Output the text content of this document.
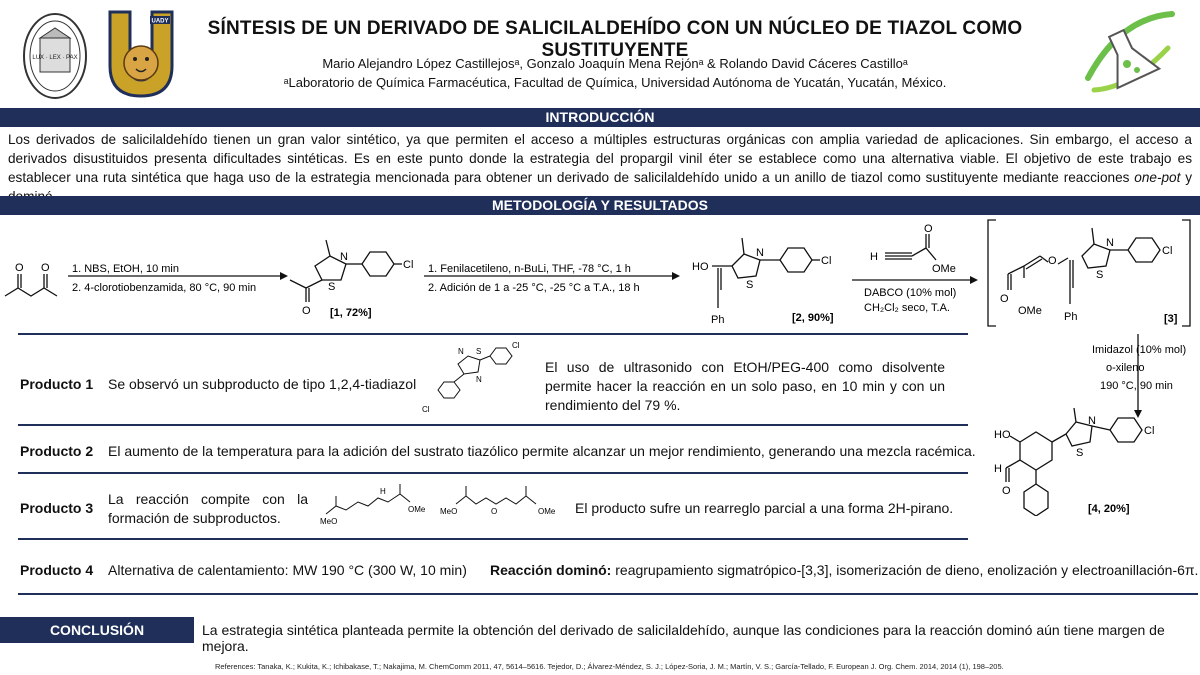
LUX · LEX · PAX
UADY	SÍNTESIS DE UN DERIVADO DE SALICILALDEHÍDO CON UN NÚCLEO DE TIAZOL COMO SUSTITUYENTE
Mario Alejandro López Castillejosᵃ, Gonzalo Joaquín Mena Rejónᵃ & Rolando David Cáceres Castilloᵃ
ᵃLaboratorio de Química Farmacéutica, Facultad de Química, Universidad Autónoma de Yucatán, Yucatán, México.
INTRODUCCIÓN
Los derivados de salicilaldehído tienen un gran valor sintético, ya que permiten el acceso a múltiples estructuras orgánicas con amplia variedad de aplicaciones. Sin embargo, el acceso a derivados disustituidos presenta dificultades sintéticas. Es en este punto donde la estrategia del propargil vinil éter se establece como una alternativa viable. El objetivo de este trabajo es establecer una ruta sintética que haga uso de la estrategia mencionada para obtener un derivado de salicilaldehído unido a un anillo de tiazol como sustituyente mediante reacciones one-pot y
METODOLOGÍA Y RESULTADOS
O O 1. NBS, EtOH, 10 min
2. 4-clorotiobenzamida, 80 °C, 90 min
N
S
Cl
O [1, 72%]
1. Fenilacetileno, n-BuLi, THF, -78 °C, 1 h
2. Adición de 1 a -25 °C, -25 °C a T.A., 18 h
HO
N
S
Cl
Ph	[2, 90%]
H
O
OMe
DABCO (10% mol)
CH₂Cl₂ seco, T.A.
O
OMe
O
N
S
Cl
Ph	[3]
Imidazol (10% mol)
o-xileno
190 °C, 90 min
HO
H
O
N
S
Cl
[4, 20%]
Producto 1 Se observó un subproducto de tipo 1,2,4-tiadiazol
N S
N
Cl
Cl
El uso de ultrasonido con EtOH/PEG-400 como disolvente permite hacer la reacción en un solo paso, en 10 min y con un rendimiento del 79 %.
Producto 2 El aumento de la temperatura para la adición del sustrato tiazólico permite alcanzar un mejor rendimiento, generando una mezcla racémica.
Producto 3
La reacción compite con la formación de subproductos.	MeO
H
OMe MeO	O	OMe El producto sufre un rearreglo parcial a una forma 2H-pirano.
Producto 4 Alternativa de calentamiento: MW 190 °C (300 W, 10 min) Reacción dominó: reagrupamiento sigmatrópico-[3,3], isomerización de dieno, enolización y electroanillación-6π.
CONCLUSIÓN	La estrategia sintética planteada permite la obtención del derivado de salicilaldehído, aunque las condiciones para la reacción dominó aún tiene margen de mejora.
References: Tanaka, K.; Kukita, K.; Ichibakase, T.; Nakajima, M. ChemComm 2011, 47, 5614–5616. Tejedor, D.; Álvarez-Méndez, S. J.; López-Soria, J. M.; Martín, V. S.; García-Tellado, F. European J. Org. Chem. 2014, 2014 (1), 198–205.
